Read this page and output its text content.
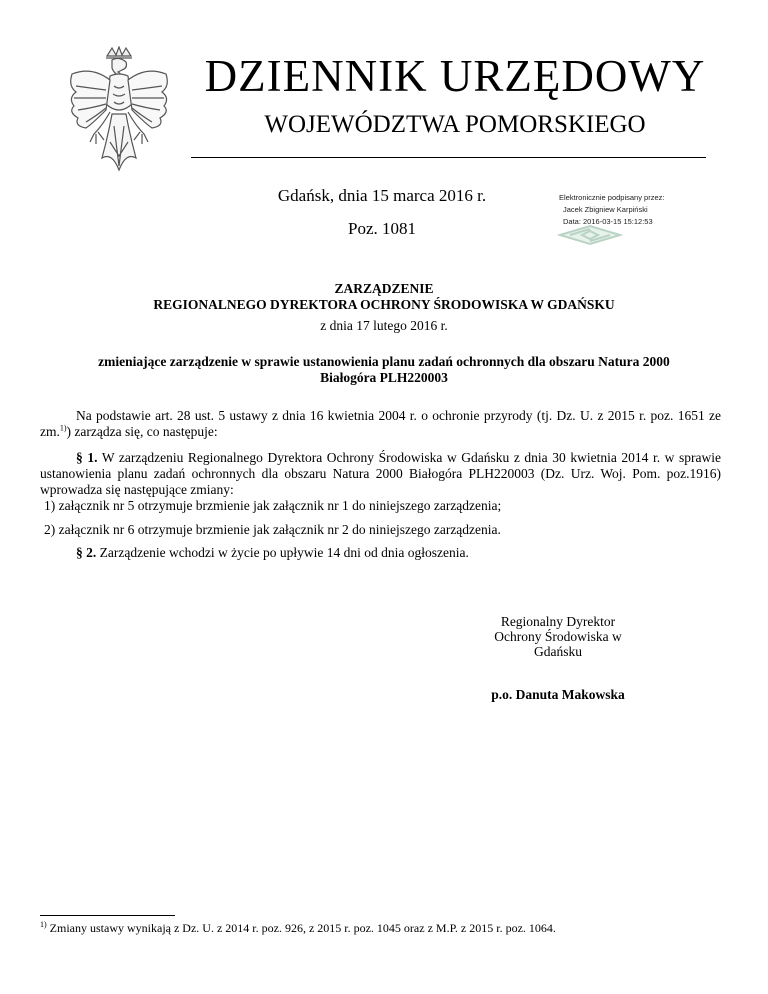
DZIENNIK URZĘDOWY
WOJEWÓDZTWA POMORSKIEGO
Gdańsk, dnia 15 marca 2016 r.
Poz. 1081
Elektronicznie podpisany przez:
Jacek Zbigniew Karpiński
Data: 2016-03-15 15:12:53
ZARZĄDZENIE
REGIONALNEGO DYREKTORA OCHRONY ŚRODOWISKA W GDAŃSKU
z dnia 17 lutego 2016 r.
zmieniające zarządzenie w sprawie ustanowienia planu zadań ochronnych dla obszaru Natura 2000
Białogóra PLH220003
Na podstawie art. 28 ust. 5 ustawy z dnia 16 kwietnia 2004 r. o ochronie przyrody (tj. Dz. U. z 2015 r. poz. 1651 ze zm.$^{1)}$) zarządza się, co następuje:
§ 1. W zarządzeniu Regionalnego Dyrektora Ochrony Środowiska w Gdańsku z dnia 30 kwietnia 2014 r. w sprawie ustanowienia planu zadań ochronnych dla obszaru Natura 2000 Białogóra PLH220003 (Dz. Urz. Woj. Pom. poz.1916) wprowadza się następujące zmiany:
1) załącznik nr 5 otrzymuje brzmienie jak załącznik nr 1 do niniejszego zarządzenia;
2) załącznik nr 6 otrzymuje brzmienie jak załącznik nr 2 do niniejszego zarządzenia.
§ 2. Zarządzenie wchodzi w życie po upływie 14 dni od dnia ogłoszenia.
Regionalny Dyrektor
Ochrony Środowiska w
Gdańsku
p.o. Danuta Makowska
$^{1)}$ Zmiany ustawy wynikają z Dz. U. z 2014 r. poz. 926, z 2015 r. poz. 1045 oraz z M.P. z 2015 r. poz. 1064.
